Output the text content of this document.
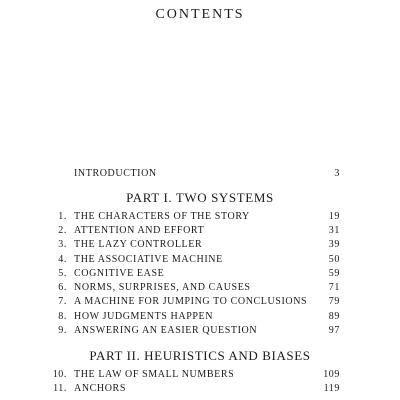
CONTENTS
INTRODUCTION	3
PART I. TWO SYSTEMS
1. THE CHARACTERS OF THE STORY	19
2. ATTENTION AND EFFORT	31
3. THE LAZY CONTROLLER	39
4. THE ASSOCIATIVE MACHINE	50
5. COGNITIVE EASE	59
6. NORMS, SURPRISES, AND CAUSES	71
7. A MACHINE FOR JUMPING TO CONCLUSIONS 79
8. HOW JUDGMENTS HAPPEN	89
9. ANSWERING AN EASIER QUESTION	97
PART II. HEURISTICS AND BIASES
10. THE LAW OF SMALL NUMBERS	109
11. ANCHORS	119
